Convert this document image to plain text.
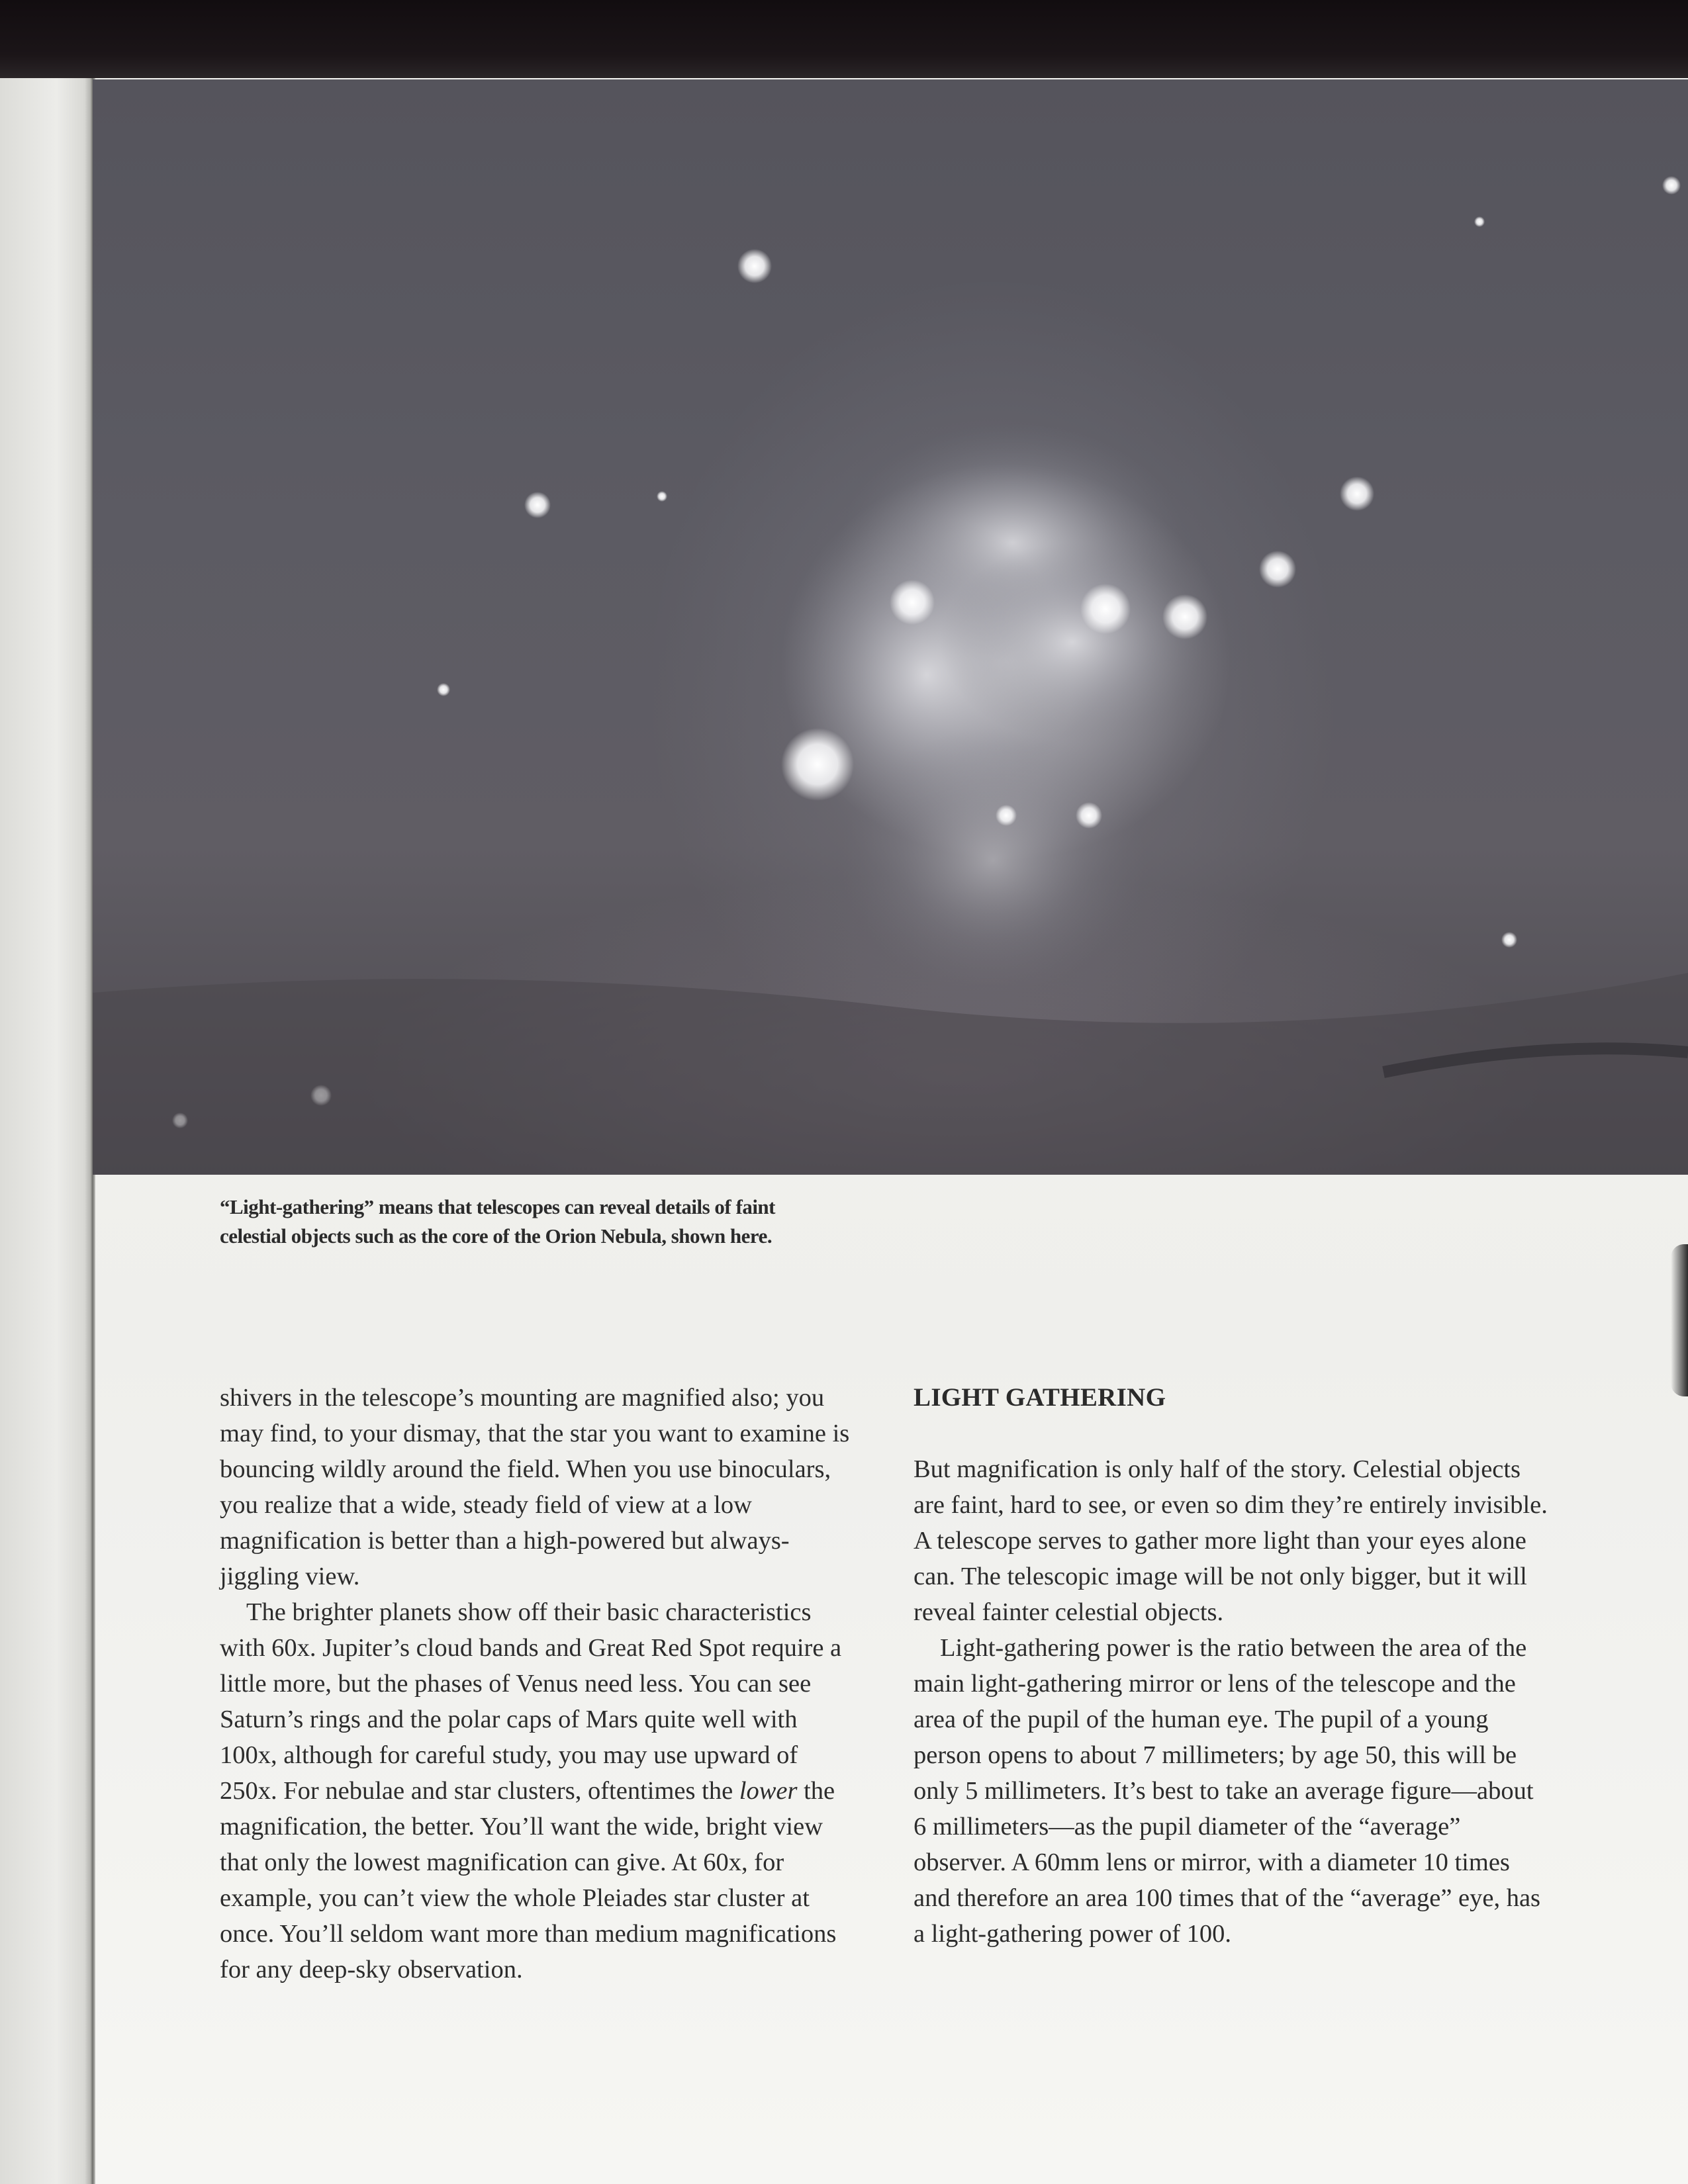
“Light-gathering” means that telescopes can reveal details of faint
celestial objects such as the core of the Orion Nebula, shown here.

shivers in the telescope’s mounting are magnified also; you may find, to your dismay, that the star you want to examine is bouncing wildly around the field. When you use binoculars, you realize that a wide, steady field of view at a low magnification is better than a high-powered but always-jiggling view.

The brighter planets show off their basic characteristics with 60x. Jupiter’s cloud bands and Great Red Spot require a little more, but the phases of Venus need less. You can see Saturn’s rings and the polar caps of Mars quite well with 100x, although for careful study, you may use upward of 250x. For nebulae and star clusters, oftentimes the lower the magnification, the better. You’ll want the wide, bright view that only the lowest magnification can give. At 60x, for example, you can’t view the whole Pleiades star cluster at once. You’ll seldom want more than medium magnifications for any deep-sky observation.

LIGHT GATHERING

But magnification is only half of the story. Celestial objects are faint, hard to see, or even so dim they’re entirely invisible. A telescope serves to gather more light than your eyes alone can. The telescopic image will be not only bigger, but it will reveal fainter celestial objects.

Light-gathering power is the ratio between the area of the main light-gathering mirror or lens of the telescope and the area of the pupil of the human eye. The pupil of a young person opens to about 7 millimeters; by age 50, this will be only 5 millimeters. It’s best to take an average figure—about 6 millimeters—as the pupil diameter of the “average” observer. A 60mm lens or mirror, with a diameter 10 times and therefore an area 100 times that of the “average” eye, has a light-gathering power of 100.
